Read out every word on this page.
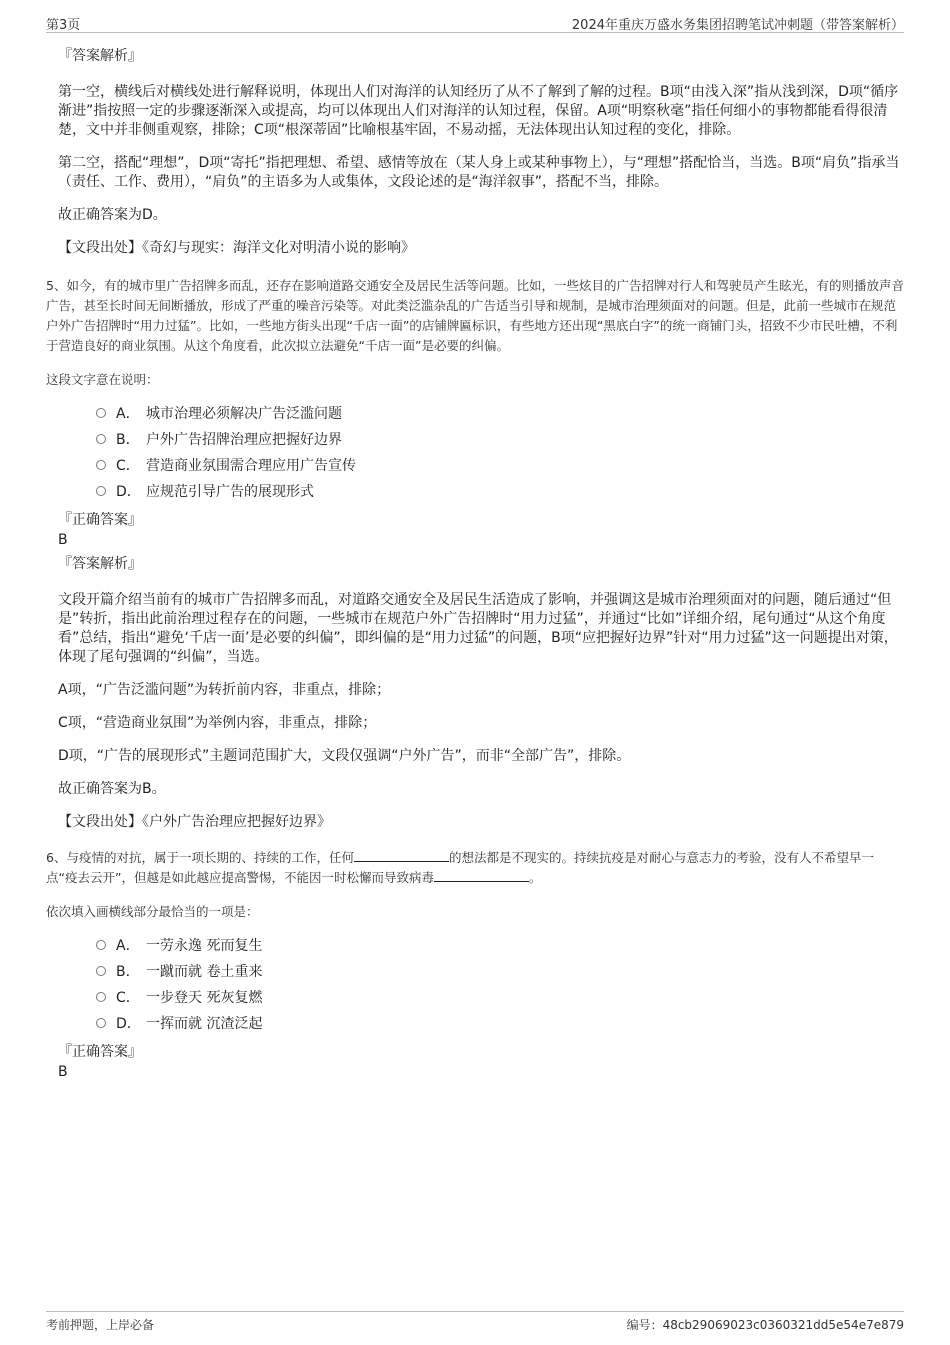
第3页	2024年重庆万盛水务集团招聘笔试冲刺题（带答案解析）

『答案解析』

第一空，横线后对横线处进行解释说明，体现出人们对海洋的认知经历了从不了解到了解的过程。B项“由浅入深”指从浅到深，D项“循序渐进”指按照一定的步骤逐渐深入或提高，均可以体现出人们对海洋的认知过程，保留。A项“明察秋毫”指任何细小的事物都能看得很清楚，文中并非侧重观察，排除；C项“根深蒂固”比喻根基牢固，不易动摇，无法体现出认知过程的变化，排除。

第二空，搭配“理想”，D项“寄托”指把理想、希望、感情等放在（某人身上或某种事物上），与“理想”搭配恰当，当选。B项“肩负”指承当（责任、工作、费用），“肩负”的主语多为人或集体，文段论述的是“海洋叙事”，搭配不当，排除。

故正确答案为D。

【文段出处】《奇幻与现实：海洋文化对明清小说的影响》

5、如今，有的城市里广告招牌多而乱，还存在影响道路交通安全及居民生活等问题。比如，一些炫目的广告招牌对行人和驾驶员产生眩光，有的则播放声音广告，甚至长时间无间断播放，形成了严重的噪音污染等。对此类泛滥杂乱的广告适当引导和规制，是城市治理须面对的问题。但是，此前一些城市在规范户外广告招牌时“用力过猛”。比如，一些地方街头出现“千店一面”的店铺牌匾标识，有些地方还出现“黑底白字”的统一商铺门头，招致不少市民吐槽，不利于营造良好的商业氛围。从这个角度看，此次拟立法避免“千店一面”是必要的纠偏。

这段文字意在说明：

A． 城市治理必须解决广告泛滥问题
B． 户外广告招牌治理应把握好边界
C． 营造商业氛围需合理应用广告宣传
D． 应规范引导广告的展现形式

『正确答案』

B

『答案解析』

文段开篇介绍当前有的城市广告招牌多而乱，对道路交通安全及居民生活造成了影响，并强调这是城市治理须面对的问题，随后通过“但是”转折，指出此前治理过程存在的问题，一些城市在规范户外广告招牌时“用力过猛”，并通过“比如”详细介绍，尾句通过“从这个角度看”总结，指出“避免‘千店一面’是必要的纠偏”，即纠偏的是“用力过猛”的问题，B项“应把握好边界”针对“用力过猛”这一问题提出对策，体现了尾句强调的“纠偏”，当选。

A项，“广告泛滥问题”为转折前内容，非重点，排除；

C项，“营造商业氛围”为举例内容，非重点，排除；

D项，“广告的展现形式”主题词范围扩大，文段仅强调“户外广告”，而非“全部广告”，排除。

故正确答案为B。

【文段出处】《户外广告治理应把握好边界》

6、与疫情的对抗，属于一项长期的、持续的工作，任何	的想法都是不现实的。持续抗疫是对耐心与意志力的考验，没有人不希望早一点“疫去云开”，但越是如此越应提高警惕，不能因一时松懈而导致病毒	。

依次填入画横线部分最恰当的一项是：

A． 一劳永逸 死而复生
B． 一蹴而就 卷土重来
C． 一步登天 死灰复燃
D． 一挥而就 沉渣泛起

『正确答案』

B

考前押题，上岸必备	编号：48cb29069023c0360321dd5e54e7e879
